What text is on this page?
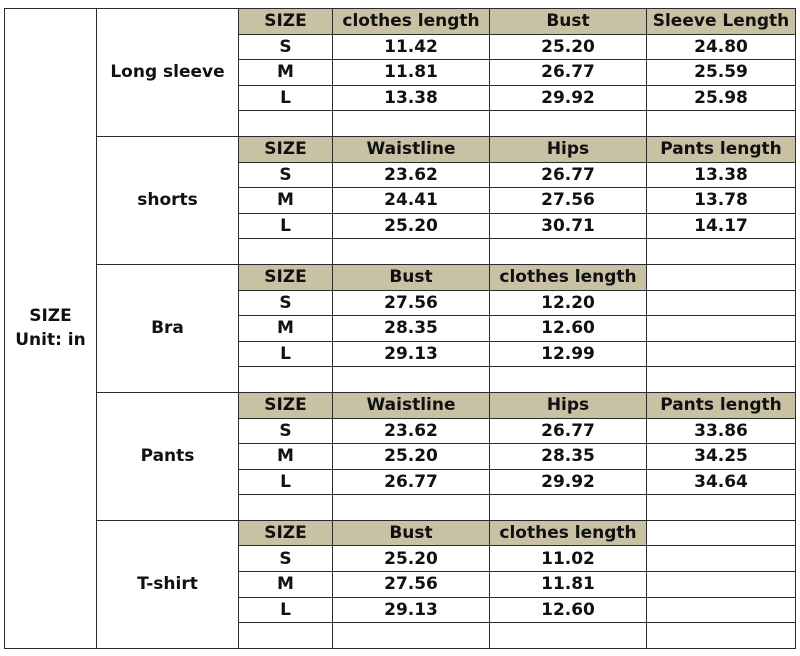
SIZE
Unit: in	Long sleeve	SIZE	clothes length	Bust	Sleeve Length
		S	11.42	25.20	24.80
		M	11.81	26.77	25.59
		L	13.38	29.92	25.98

	shorts	SIZE	Waistline	Hips	Pants length
		S	23.62	26.77	13.38
		M	24.41	27.56	13.78
		L	25.20	30.71	14.17

	Bra	SIZE	Bust	clothes length	
		S	27.56	12.20	
		M	28.35	12.60	
		L	29.13	12.99	

	Pants	SIZE	Waistline	Hips	Pants length
		S	23.62	26.77	33.86
		M	25.20	28.35	34.25
		L	26.77	29.92	34.64

	T-shirt	SIZE	Bust	clothes length	
		S	25.20	11.02	
		M	27.56	11.81	
		L	29.13	12.60	
